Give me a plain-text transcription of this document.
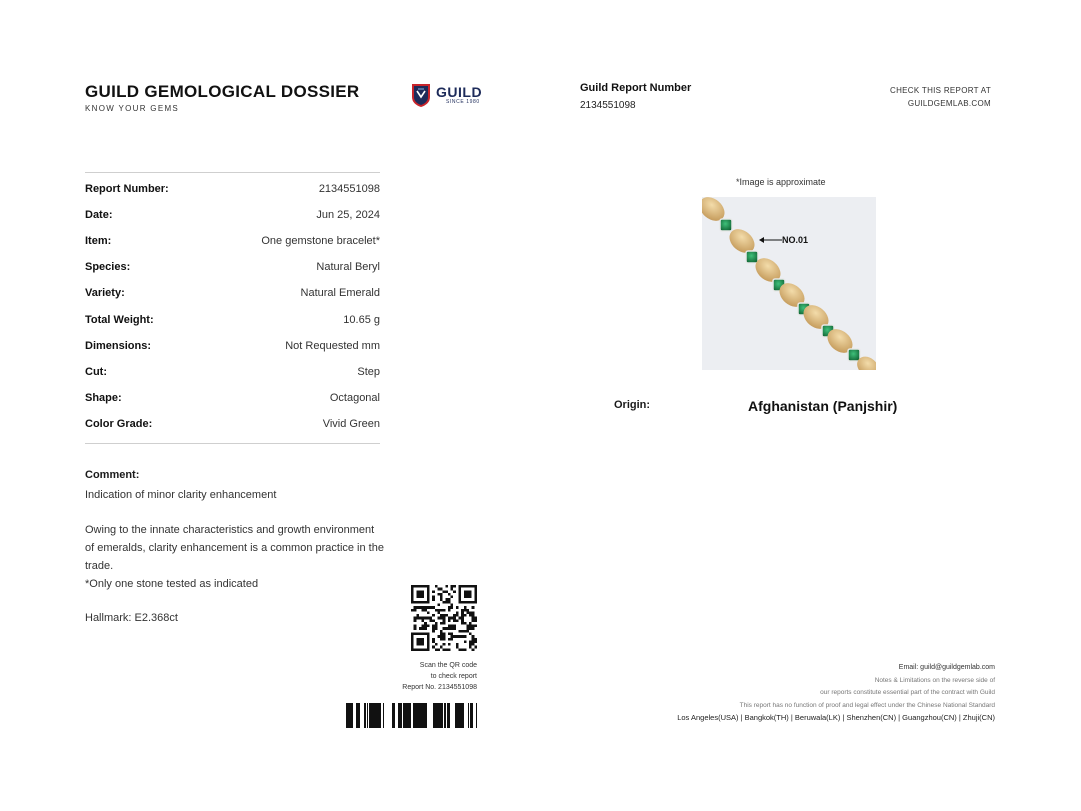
GUILD GEMOLOGICAL DOSSIER
KNOW YOUR GEMS
GUILD
SINCE 1980
Guild Report Number
2134551098
CHECK THIS REPORT AT
GUILDGEMLAB.COM
Report Number:	2134551098
Date:	Jun 25, 2024
Item:	One gemstone bracelet*
Species:	Natural Beryl
Variety:	Natural Emerald
Total Weight:	10.65 g
Dimensions:	Not Requested mm
Cut:	Step
Shape:	Octagonal
Color Grade:	Vivid Green
Comment:
Indication of minor clarity enhancement
Owing to the innate characteristics and growth environment of emeralds, clarity enhancement is a common practice in the trade.
*Only one stone tested as indicated
Hallmark: E2.368ct
*Image is approximate
NO.01
Origin:	Afghanistan (Panjshir)
Scan the QR code
to check report
Report No. 2134551098
Email: guild@guildgemlab.com
Notes & Limitations on the reverse side of
our reports constitute essential part of the contract with Guild
This report has no function of proof and legal effect under the Chinese National Standard
Los Angeles(USA) | Bangkok(TH) | Beruwala(LK) | Shenzhen(CN) | Guangzhou(CN) | Zhuji(CN)
